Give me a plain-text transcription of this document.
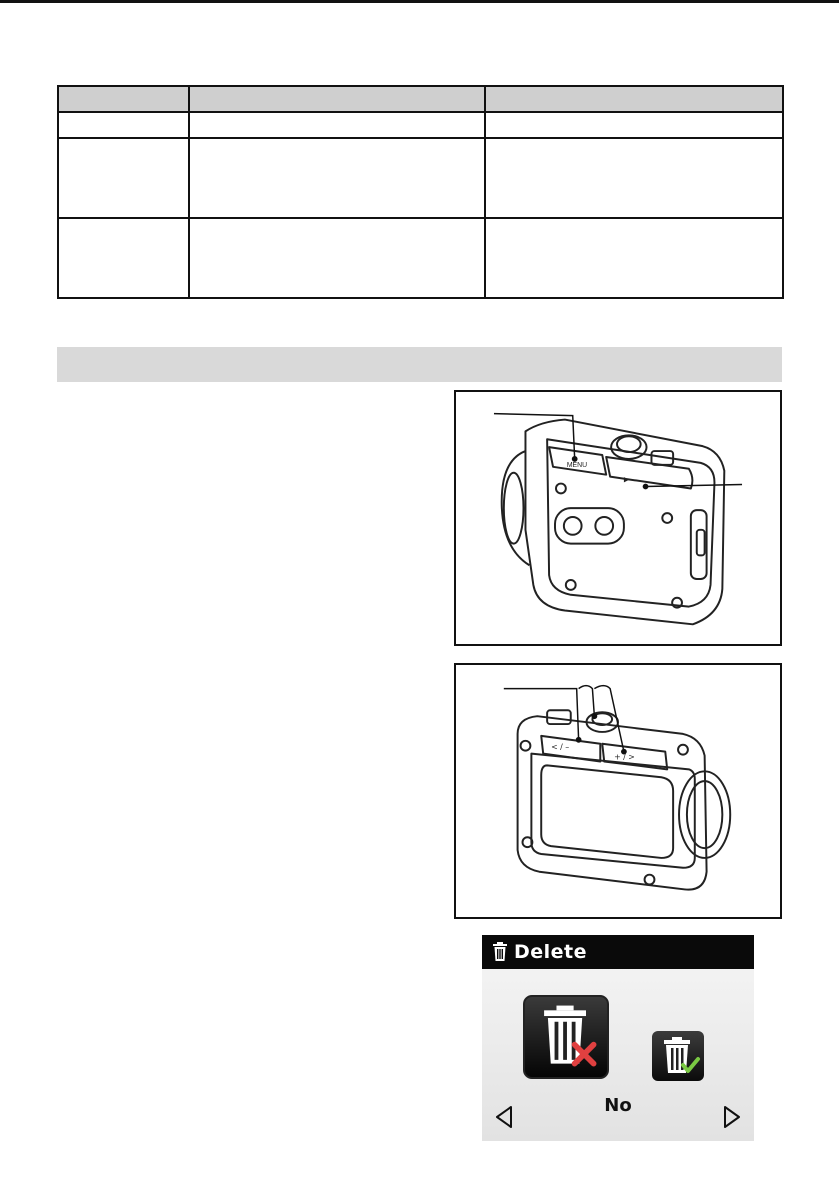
MENU
▶
< / –
+ / >
Delete
No
